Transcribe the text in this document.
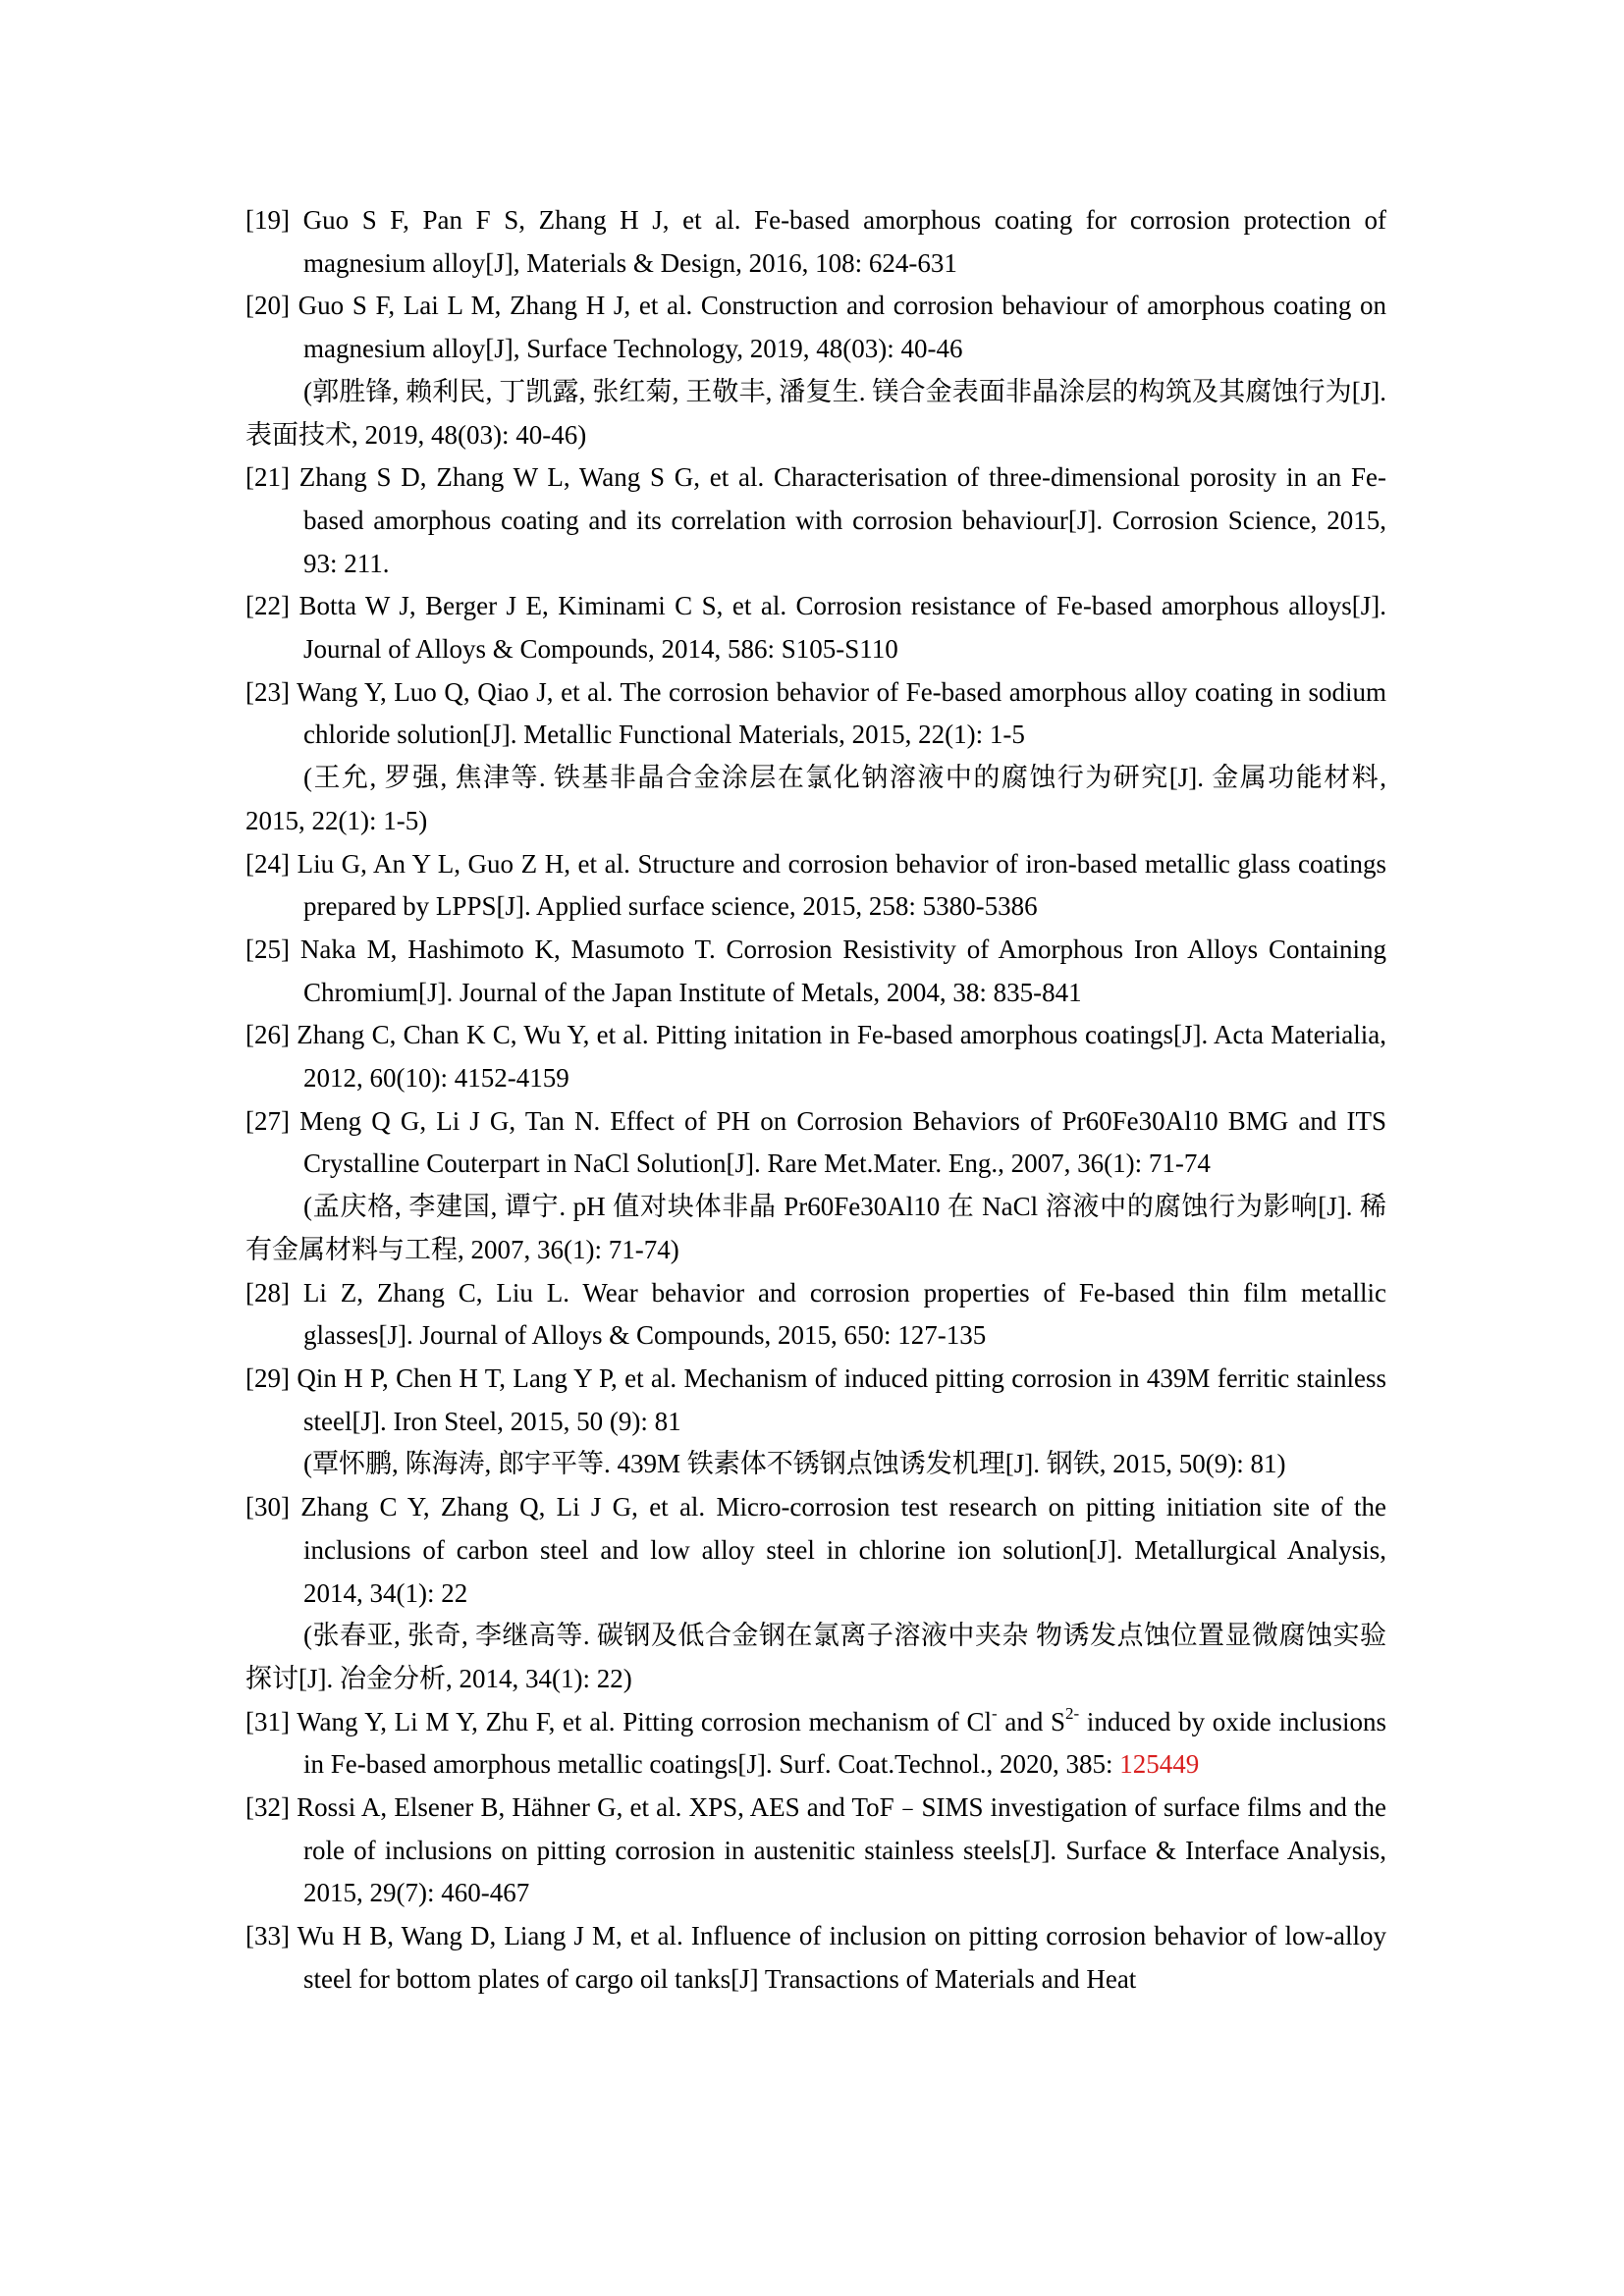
[19] Guo S F, Pan F S, Zhang H J, et al. Fe-based amorphous coating for corrosion protection of magnesium alloy[J], Materials & Design, 2016, 108: 624-631

[20] Guo S F, Lai L M, Zhang H J, et al. Construction and corrosion behaviour of amorphous coating on magnesium alloy[J], Surface Technology, 2019, 48(03): 40-46

(郭胜锋, 赖利民, 丁凯露, 张红菊, 王敬丰, 潘复生. 镁合金表面非晶涂层的构筑及其腐蚀行为[J]. 表面技术, 2019, 48(03): 40-46)

[21] Zhang S D, Zhang W L, Wang S G, et al. Characterisation of three-dimensional porosity in an Fe-based amorphous coating and its correlation with corrosion behaviour[J]. Corrosion Science, 2015, 93: 211.

[22] Botta W J, Berger J E, Kiminami C S, et al. Corrosion resistance of Fe-based amorphous alloys[J]. Journal of Alloys & Compounds, 2014, 586: S105-S110

[23] Wang Y, Luo Q, Qiao J, et al. The corrosion behavior of Fe-based amorphous alloy coating in sodium chloride solution[J]. Metallic Functional Materials, 2015, 22(1): 1-5

(王允, 罗强, 焦津等. 铁基非晶合金涂层在氯化钠溶液中的腐蚀行为研究[J]. 金属功能材料, 2015, 22(1): 1-5)

[24] Liu G, An Y L, Guo Z H, et al. Structure and corrosion behavior of iron-based metallic glass coatings prepared by LPPS[J]. Applied surface science, 2015, 258: 5380-5386

[25] Naka M, Hashimoto K, Masumoto T. Corrosion Resistivity of Amorphous Iron Alloys Containing Chromium[J]. Journal of the Japan Institute of Metals, 2004, 38: 835-841

[26] Zhang C, Chan K C, Wu Y, et al. Pitting initation in Fe-based amorphous coatings[J]. Acta Materialia, 2012, 60(10): 4152-4159

[27] Meng Q G, Li J G, Tan N. Effect of PH on Corrosion Behaviors of Pr60Fe30Al10 BMG and ITS Crystalline Couterpart in NaCl Solution[J]. Rare Met.Mater. Eng., 2007, 36(1): 71-74

(孟庆格, 李建国, 谭宁. pH 值对块体非晶 Pr60Fe30Al10 在 NaCl 溶液中的腐蚀行为影响[J]. 稀有金属材料与工程, 2007, 36(1): 71-74)

[28] Li Z, Zhang C, Liu L. Wear behavior and corrosion properties of Fe-based thin film metallic glasses[J]. Journal of Alloys & Compounds, 2015, 650: 127-135

[29] Qin H P, Chen H T, Lang Y P, et al. Mechanism of induced pitting corrosion in 439M ferritic stainless steel[J]. Iron Steel, 2015, 50 (9): 81

(覃怀鹏, 陈海涛, 郎宇平等. 439M 铁素体不锈钢点蚀诱发机理[J]. 钢铁, 2015, 50(9): 81)

[30] Zhang C Y, Zhang Q, Li J G, et al. Micro-corrosion test research on pitting initiation site of the inclusions of carbon steel and low alloy steel in chlorine ion solution[J]. Metallurgical Analysis, 2014, 34(1): 22

(张春亚, 张奇, 李继高等. 碳钢及低合金钢在氯离子溶液中夹杂 物诱发点蚀位置显微腐蚀实验探讨[J]. 冶金分析, 2014, 34(1): 22)

[31] Wang Y, Li M Y, Zhu F, et al. Pitting corrosion mechanism of Cl- and $S^{2-}$ induced by oxide inclusions in Fe-based amorphous metallic coatings[J]. Surf. Coat.Technol., 2020, 385: 125449

[32] Rossi A, Elsener B, Hähner G, et al. XPS, AES and ToF﹣SIMS investigation of surface films and the role of inclusions on pitting corrosion in austenitic stainless steels[J]. Surface & Interface Analysis, 2015, 29(7): 460-467

[33] Wu H B, Wang D, Liang J M, et al. Influence of inclusion on pitting corrosion behavior of low-alloy steel for bottom plates of cargo oil tanks[J] Transactions of Materials and Heat
